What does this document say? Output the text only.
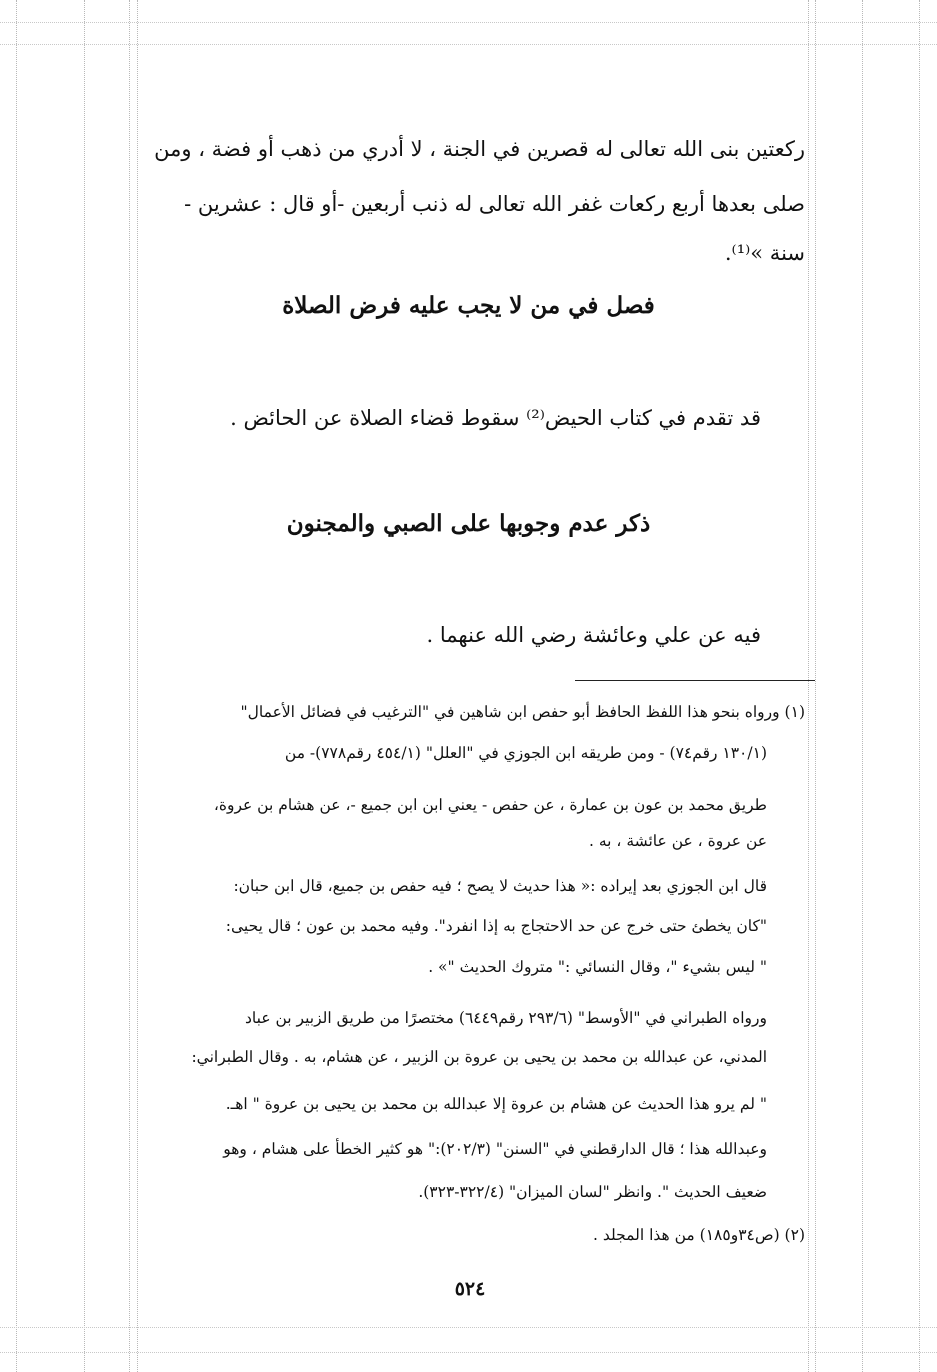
ركعتين بنى الله تعالى له قصرين في الجنة ، لا أدري من ذهب أو فضة ، ومن
صلى بعدها أربع ركعات غفر الله تعالى له ذنب أربعين -أو قال : عشرين -
سنة »⁽¹⁾.
فصل في من لا يجب عليه فرض الصلاة
قد تقدم في كتاب الحيض⁽²⁾ سقوط قضاء الصلاة عن الحائض .
ذكر عدم وجوبها على الصبي والمجنون
فيه عن علي وعائشة رضي الله عنهما .
(١) ورواه بنحو هذا اللفظ الحافظ أبو حفص ابن شاهين في "الترغيب في فضائل الأعمال"
(١٣٠/١ رقم٧٤) - ومن طريقه ابن الجوزي في "العلل" (٤٥٤/١ رقم٧٧٨)- من
طريق محمد بن عون بن عمارة ، عن حفص - يعني ابن ابن جميع -، عن هشام بن عروة،
عن عروة ، عن عائشة ، به .
قال ابن الجوزي بعد إيراده :« هذا حديث لا يصح ؛ فيه حفص بن جميع، قال ابن حبان:
"كان يخطئ حتى خرج عن حد الاحتجاج به إذا انفرد". وفيه محمد بن عون ؛ قال يحيى:
" ليس بشيء "، وقال النسائي :" متروك الحديث "» .
ورواه الطبراني في "الأوسط" (٢٩٣/٦ رقم٦٤٤٩) مختصرًا من طريق الزبير بن عباد
المدني، عن عبدالله بن محمد بن يحيى بن عروة بن الزبير ، عن هشام، به . وقال الطبراني:
" لم يرو هذا الحديث عن هشام بن عروة إلا عبدالله بن محمد بن يحيى بن عروة " اهـ.
وعبدالله هذا ؛ قال الدارقطني في "السنن" (٢٠٢/٣):" هو كثير الخطأ على هشام ، وهو
ضعيف الحديث ". وانظر "لسان الميزان" (٣٢٢/٤-٣٢٣).
(٢) (ص٣٤و١٨٥) من هذا المجلد .
٥٢٤
